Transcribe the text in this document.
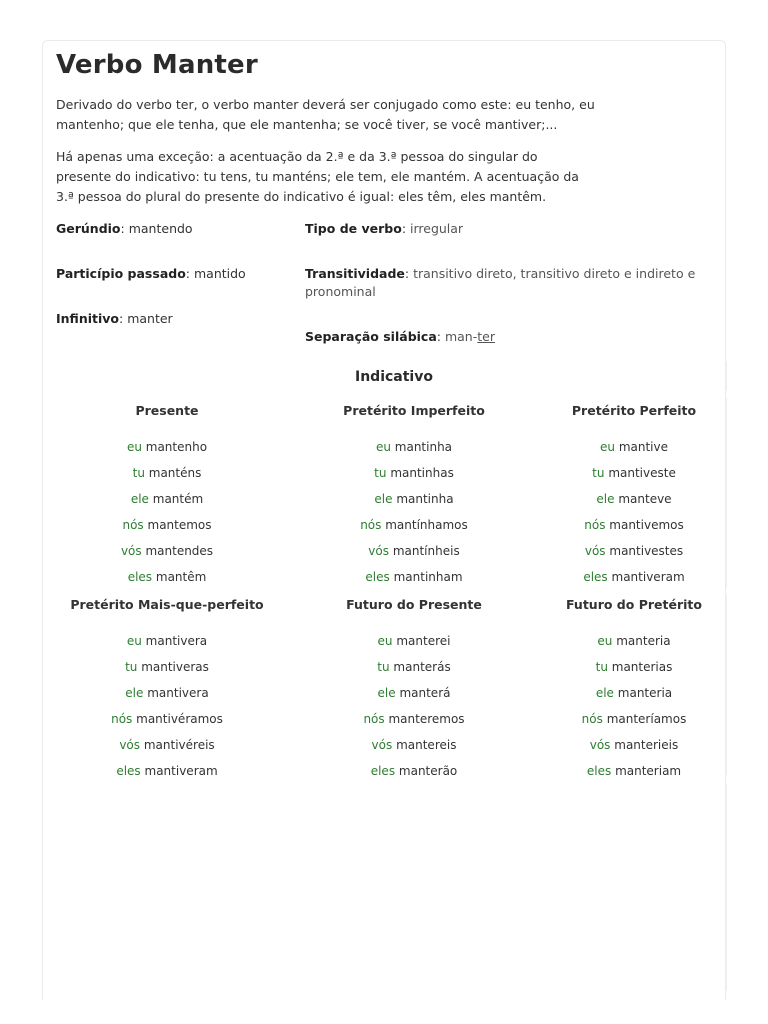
Verbo Manter

Derivado do verbo ter, o verbo manter deverá ser conjugado como este: eu tenho, eu mantenho; que ele tenha, que ele mantenha; se você tiver, se você mantiver;...

Há apenas uma exceção: a acentuação da 2.ª e da 3.ª pessoa do singular do presente do indicativo: tu tens, tu manténs; ele tem, ele mantém. A acentuação da 3.ª pessoa do plural do presente do indicativo é igual: eles têm, eles mantêm.

Gerúndio: mantendo
Particípio passado: mantido
Infinitivo: manter
Tipo de verbo: irregular
Transitividade: transitivo direto, transitivo direto e indireto e pronominal
Separação silábica: man-ter
Indicativo
Presente
eu mantenho
tu manténs
ele mantém
nós mantemos
vós mantendes
eles mantêm
Pretérito Imperfeito
eu mantinha
tu mantinhas
ele mantinha
nós mantínhamos
vós mantínheis
eles mantinham
Pretérito Perfeito
eu mantive
tu mantiveste
ele manteve
nós mantivemos
vós mantivestes
eles mantiveram
Pretérito Mais-que-perfeito
eu mantivera
tu mantiveras
ele mantivera
nós mantivéramos
vós mantivéreis
eles mantiveram
Futuro do Presente
eu manterei
tu manterás
ele manterá
nós manteremos
vós mantereis
eles manterão
Futuro do Pretérito
eu manteria
tu manterias
ele manteria
nós manteríamos
vós manterieis
eles manteriam
